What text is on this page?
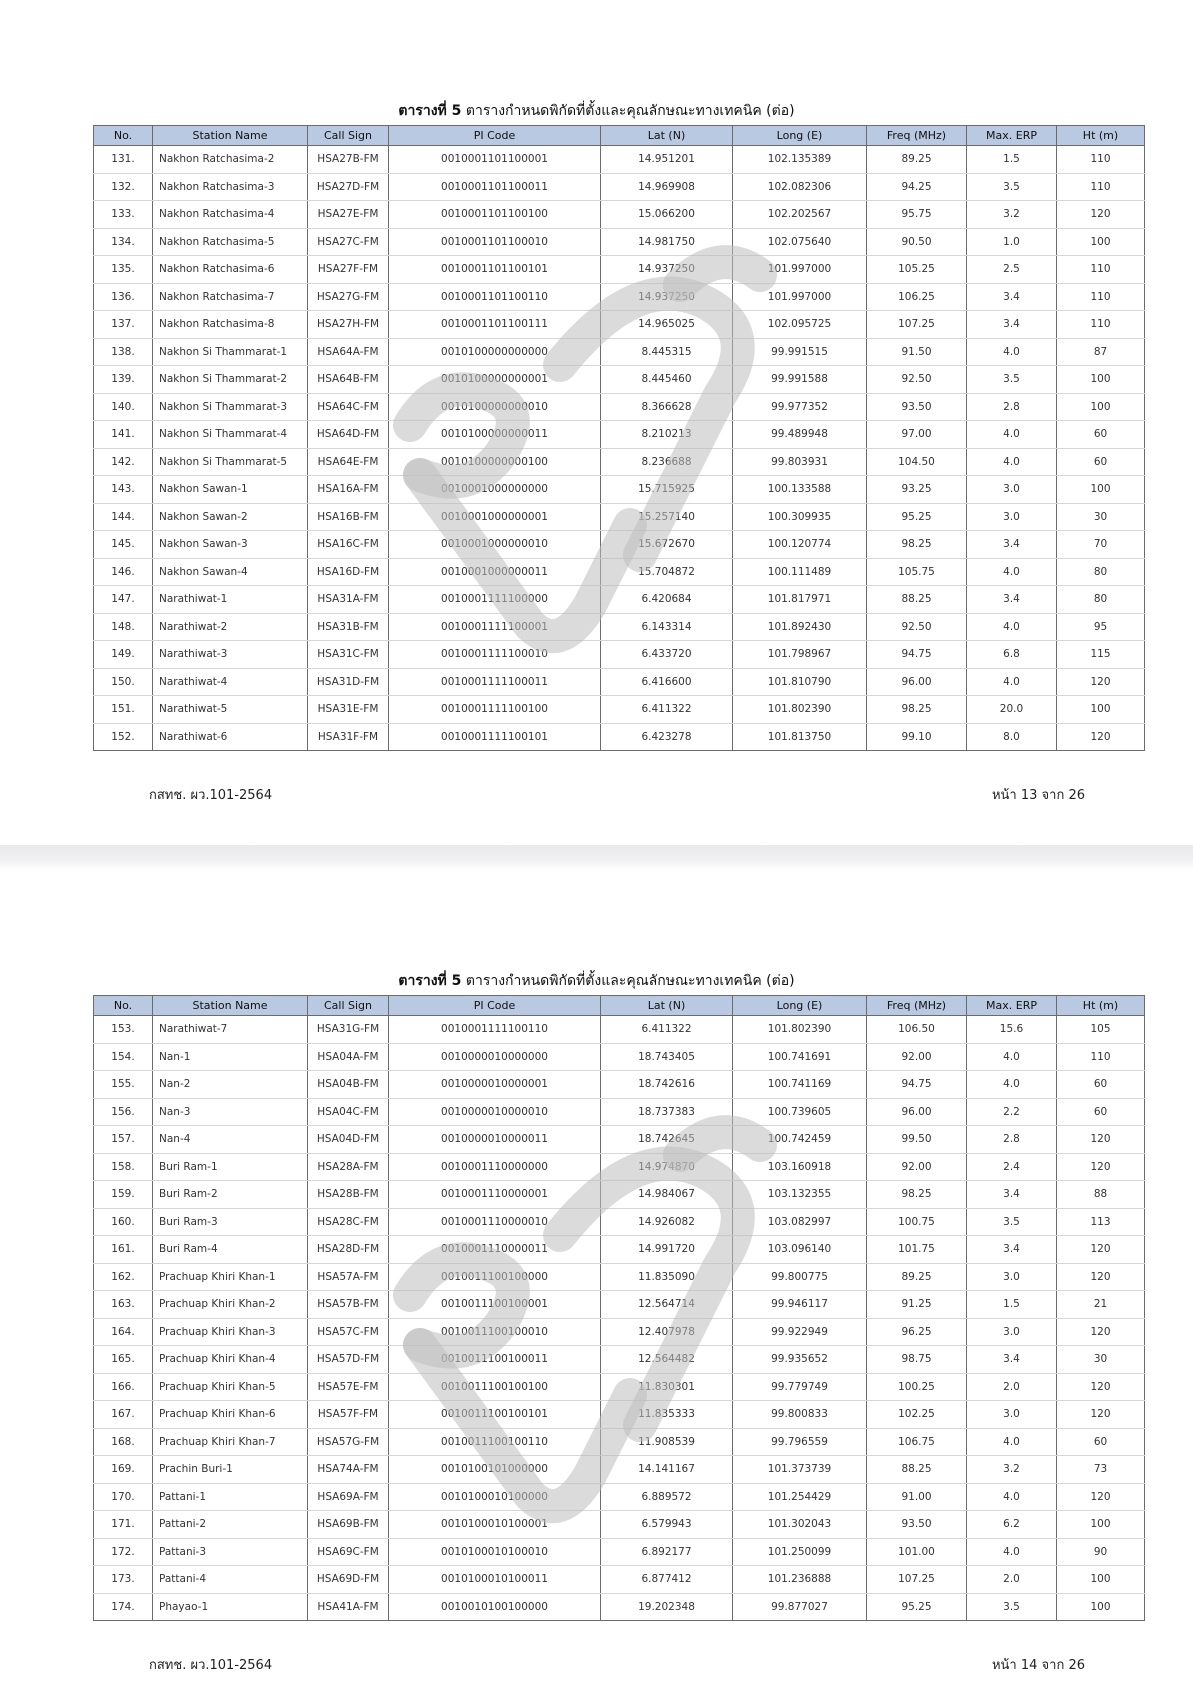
ตารางที่ 5 ตารางกำหนดพิกัดที่ตั้งและคุณลักษณะทางเทคนิค (ต่อ)
No.	Station Name	Call Sign	PI Code	Lat (N)	Long (E)	Freq (MHz)	Max. ERP	Ht (m)
131.	Nakhon Ratchasima-2	HSA27B-FM	0010001101100001	14.951201	102.135389	89.25	1.5	110
132.	Nakhon Ratchasima-3	HSA27D-FM	0010001101100011	14.969908	102.082306	94.25	3.5	110
133.	Nakhon Ratchasima-4	HSA27E-FM	0010001101100100	15.066200	102.202567	95.75	3.2	120
134.	Nakhon Ratchasima-5	HSA27C-FM	0010001101100010	14.981750	102.075640	90.50	1.0	100
135.	Nakhon Ratchasima-6	HSA27F-FM	0010001101100101	14.937250	101.997000	105.25	2.5	110
136.	Nakhon Ratchasima-7	HSA27G-FM	0010001101100110	14.937250	101.997000	106.25	3.4	110
137.	Nakhon Ratchasima-8	HSA27H-FM	0010001101100111	14.965025	102.095725	107.25	3.4	110
138.	Nakhon Si Thammarat-1	HSA64A-FM	0010100000000000	8.445315	99.991515	91.50	4.0	87
139.	Nakhon Si Thammarat-2	HSA64B-FM	0010100000000001	8.445460	99.991588	92.50	3.5	100
140.	Nakhon Si Thammarat-3	HSA64C-FM	0010100000000010	8.366628	99.977352	93.50	2.8	100
141.	Nakhon Si Thammarat-4	HSA64D-FM	0010100000000011	8.210213	99.489948	97.00	4.0	60
142.	Nakhon Si Thammarat-5	HSA64E-FM	0010100000000100	8.236688	99.803931	104.50	4.0	60
143.	Nakhon Sawan-1	HSA16A-FM	0010001000000000	15.715925	100.133588	93.25	3.0	100
144.	Nakhon Sawan-2	HSA16B-FM	0010001000000001	15.257140	100.309935	95.25	3.0	30
145.	Nakhon Sawan-3	HSA16C-FM	0010001000000010	15.672670	100.120774	98.25	3.4	70
146.	Nakhon Sawan-4	HSA16D-FM	0010001000000011	15.704872	100.111489	105.75	4.0	80
147.	Narathiwat-1	HSA31A-FM	0010001111100000	6.420684	101.817971	88.25	3.4	80
148.	Narathiwat-2	HSA31B-FM	0010001111100001	6.143314	101.892430	92.50	4.0	95
149.	Narathiwat-3	HSA31C-FM	0010001111100010	6.433720	101.798967	94.75	6.8	115
150.	Narathiwat-4	HSA31D-FM	0010001111100011	6.416600	101.810790	96.00	4.0	120
151.	Narathiwat-5	HSA31E-FM	0010001111100100	6.411322	101.802390	98.25	20.0	100
152.	Narathiwat-6	HSA31F-FM	0010001111100101	6.423278	101.813750	99.10	8.0	120
กสทช. ผว.101-2564	หน้า 13 จาก 26
ตารางที่ 5 ตารางกำหนดพิกัดที่ตั้งและคุณลักษณะทางเทคนิค (ต่อ)
No.	Station Name	Call Sign	PI Code	Lat (N)	Long (E)	Freq (MHz)	Max. ERP	Ht (m)
153.	Narathiwat-7	HSA31G-FM	0010001111100110	6.411322	101.802390	106.50	15.6	105
154.	Nan-1	HSA04A-FM	0010000010000000	18.743405	100.741691	92.00	4.0	110
155.	Nan-2	HSA04B-FM	0010000010000001	18.742616	100.741169	94.75	4.0	60
156.	Nan-3	HSA04C-FM	0010000010000010	18.737383	100.739605	96.00	2.2	60
157.	Nan-4	HSA04D-FM	0010000010000011	18.742645	100.742459	99.50	2.8	120
158.	Buri Ram-1	HSA28A-FM	0010001110000000	14.974870	103.160918	92.00	2.4	120
159.	Buri Ram-2	HSA28B-FM	0010001110000001	14.984067	103.132355	98.25	3.4	88
160.	Buri Ram-3	HSA28C-FM	0010001110000010	14.926082	103.082997	100.75	3.5	113
161.	Buri Ram-4	HSA28D-FM	0010001110000011	14.991720	103.096140	101.75	3.4	120
162.	Prachuap Khiri Khan-1	HSA57A-FM	0010011100100000	11.835090	99.800775	89.25	3.0	120
163.	Prachuap Khiri Khan-2	HSA57B-FM	0010011100100001	12.564714	99.946117	91.25	1.5	21
164.	Prachuap Khiri Khan-3	HSA57C-FM	0010011100100010	12.407978	99.922949	96.25	3.0	120
165.	Prachuap Khiri Khan-4	HSA57D-FM	0010011100100011	12.564482	99.935652	98.75	3.4	30
166.	Prachuap Khiri Khan-5	HSA57E-FM	0010011100100100	11.830301	99.779749	100.25	2.0	120
167.	Prachuap Khiri Khan-6	HSA57F-FM	0010011100100101	11.835333	99.800833	102.25	3.0	120
168.	Prachuap Khiri Khan-7	HSA57G-FM	0010011100100110	11.908539	99.796559	106.75	4.0	60
169.	Prachin Buri-1	HSA74A-FM	0010100101000000	14.141167	101.373739	88.25	3.2	73
170.	Pattani-1	HSA69A-FM	0010100010100000	6.889572	101.254429	91.00	4.0	120
171.	Pattani-2	HSA69B-FM	0010100010100001	6.579943	101.302043	93.50	6.2	100
172.	Pattani-3	HSA69C-FM	0010100010100010	6.892177	101.250099	101.00	4.0	90
173.	Pattani-4	HSA69D-FM	0010100010100011	6.877412	101.236888	107.25	2.0	100
174.	Phayao-1	HSA41A-FM	0010010100100000	19.202348	99.877027	95.25	3.5	100
กสทช. ผว.101-2564	หน้า 14 จาก 26
